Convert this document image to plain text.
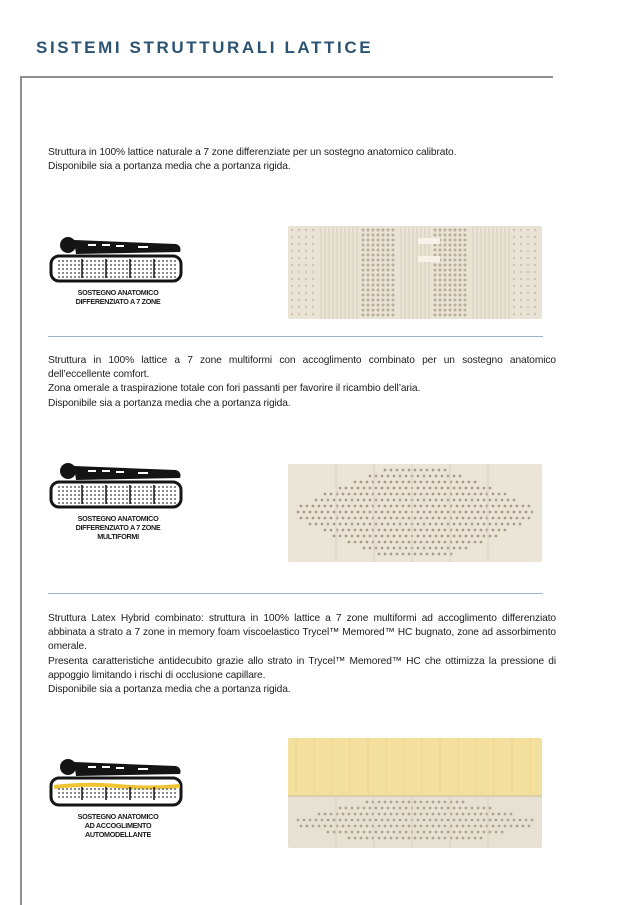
SISTEMI STRUTTURALI LATTICE

Struttura in 100% lattice naturale a 7 zone differenziate per un sostegno anatomico calibrato.

Disponibile sia a portanza media che a portanza rigida.

SOSTEGNO ANATOMICO
DIFFERENZIATO A 7 ZONE

Struttura in 100% lattice a 7 zone multiformi con accoglimento combinato per un sostegno anatomico dell’eccellente comfort.

Zona omerale a traspirazione totale con fori passanti per favorire il ricambio dell’aria.

Disponibile sia a portanza media che a portanza rigida.

SOSTEGNO ANATOMICO
DIFFERENZIATO A 7 ZONE
MULTIFORMI

Struttura Latex Hybrid combinato: struttura in 100% lattice a 7 zone multiformi ad accoglimento differenziato abbinata a strato a 7 zone in memory foam viscoelastico Trycel™ Memored™ HC bugnato, zone ad assorbimento omerale.

Presenta caratteristiche antidecubito grazie allo strato in Trycel™ Memored™ HC che ottimizza la pressione di appoggio limitando i rischi di occlusione capillare.

Disponibile sia a portanza media che a portanza rigida.

SOSTEGNO ANATOMICO
AD ACCOGLIMENTO
AUTOMODELLANTE
